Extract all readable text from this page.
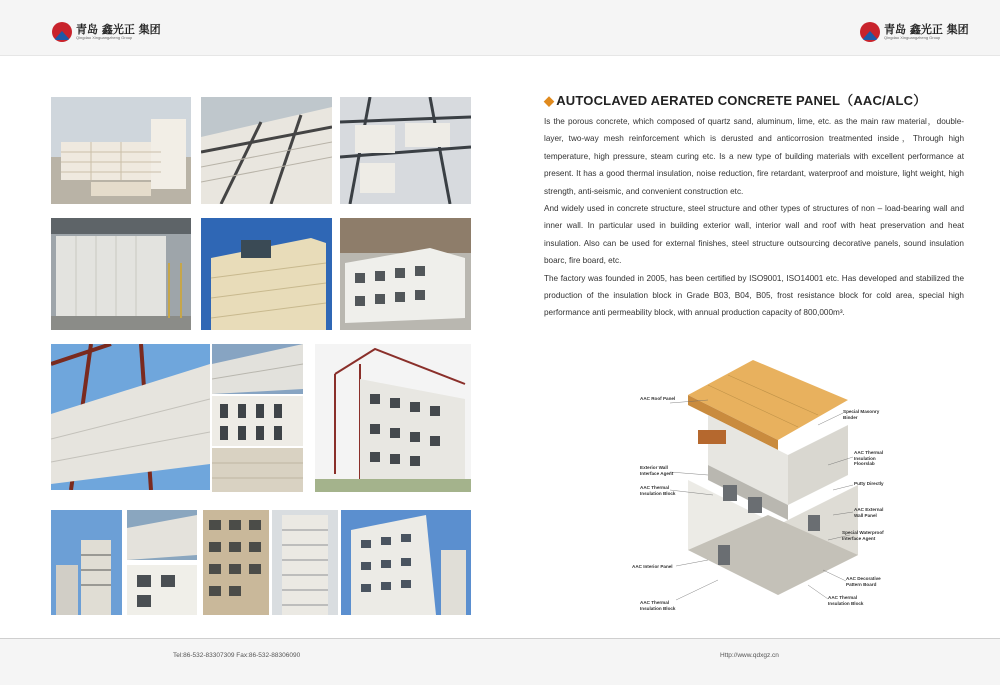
青岛 鑫光正 集团
Qingdao Xinguangzheng Group
青岛 鑫光正 集团
Qingdao Xinguangzheng Group
◆ AUTOCLAVED AERATED CONCRETE PANEL（AAC/ALC）

Is the porous concrete, which composed of quartz sand, aluminum, lime, etc. as the main raw material，double-layer, two-way mesh reinforcement which is derusted and anticorrosion treatmented inside，Through high temperature, high pressure, steam curing etc. Is a new type of building materials with excellent performance at present. It has a good thermal insulation, noise reduction, fire retardant, waterproof and moisture, light weight, high strength, anti-seismic, and convenient construction etc.

And widely used in concrete structure, steel structure and other types of structures of non – load-bearing wall and inner wall. In particular used in building exterior wall, interior wall and roof with heat preservation and heat insulation. Also can be used for external finishes, steel structure outsourcing decorative panels, sound insulation boarc, fire board, etc.

The factory was founded in 2005, has been certified by ISO9001, ISO14001 etc. Has developed and stabilized the production of the insulation block in Grade B03, B04, B05, frost resistance block for cold area, special high performance anti permeability block, with annual production capacity of 800,000m³.

AAC Roof Panel
Special Masonry Binder
AAC Thermal Insulation Floorslab
Exterior Wall Interface Agent
AAC Thermal Insulation Block
Putty Directly
AAC External Wall Panel
Special Waterproof Interface Agent
AAC Interior Panel
AAC Decorative Pattern Board
AAC Thermal Insulation Block
AAC Thermal Insulation Block
Tel:86-532-83307309 Fax:86-532-88306090	Http://www.qdxgz.cn
